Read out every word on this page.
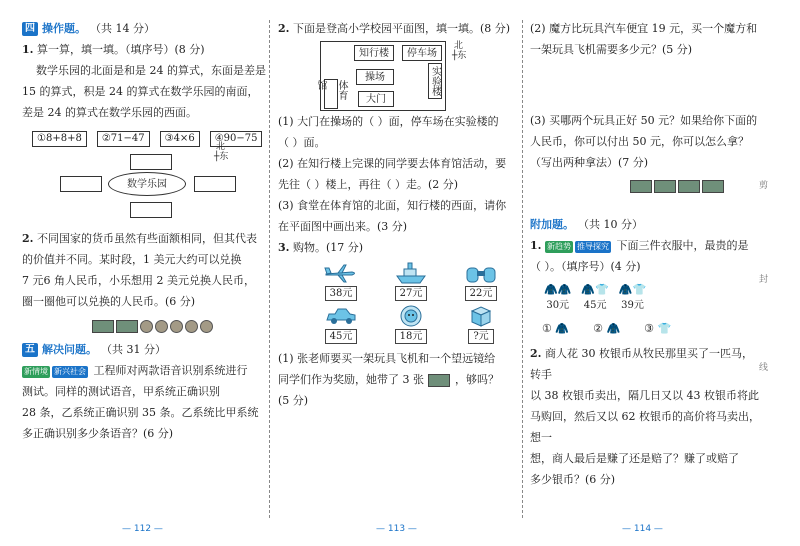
四 操作题。 （共 14 分）
1. 算一算，填一填。（填序号）(8 分)
数学乐园的北面是和是 24 的算式，东面是差是
15 的算式，积是 24 的算式在数学乐园的南面，
差是 24 的算式在数学乐园的西面。
①8+8+8 ②71−47 ③4×6 ④90−75
数学乐园
北
┼东
2. 不同国家的货币虽然有些面额相同，但其代表
的价值并不同。某时段，1 美元大约可以兑换
7 元6 角人民币，小乐想用 2 美元兑换人民币，
圈一圈他可以兑换的人民币。(6 分)
五 解决问题。 （共 31 分）
新情境 新兴社会 工程师对两款语音识别系统进行
测试。同样的测试语音，甲系统正确识别
28 条，乙系统正确识别 35 条。乙系统比甲系统
多正确识别多少条语音？(6 分)
— 112 —
2. 下面是登高小学校园平面图，填一填。(8 分)
知行楼 停车场
操场	实验楼
体育馆
大门
北
┼东
(1) 大门在操场的（ ）面，停车场在实验楼的
（ ）面。
(2) 在知行楼上完课的同学要去体育馆活动，要
先往（ ）楼上，再往（ ）走。(2 分)
(3) 食堂在体育馆的北面，知行楼的西面，请你
在平面图中画出来。(3 分)
3. 购物。(17 分)
38元	27元	22元
45元	18元	?元
(1) 张老师要买一架玩具飞机和一个望远镜给
同学们作为奖励，她带了 3 张	，够吗？
(5 分)
— 113 —
(2) 魔方比玩具汽车便宜 19 元，买一个魔方和
一架玩具飞机需要多少元？(5 分)
(3) 买哪两个玩具正好 50 元？如果给你下面的
人民币，你可以付出 50 元，你可以怎么拿？
（写出两种拿法）(7 分)
附加题。 （共 10 分）
1. 新趋势 推导探究 下面三件衣服中，最贵的是
（ ）。（填序号）(4 分)
🧥🧥
30元
🧥👕
45元
🧥👕
39元
① 🧥 ② 🧥 ③ 👕
2. 商人花 30 枚银币从牧民那里买了一匹马，转手
以 38 枚银币卖出，隔几日又以 43 枚银币将此
马购回，然后又以 62 枚银币的高价将马卖出，想一
想，商人最后是赚了还是赔了？赚了或赔了
多少银币？(6 分)
— 114 —
剪
封
线
